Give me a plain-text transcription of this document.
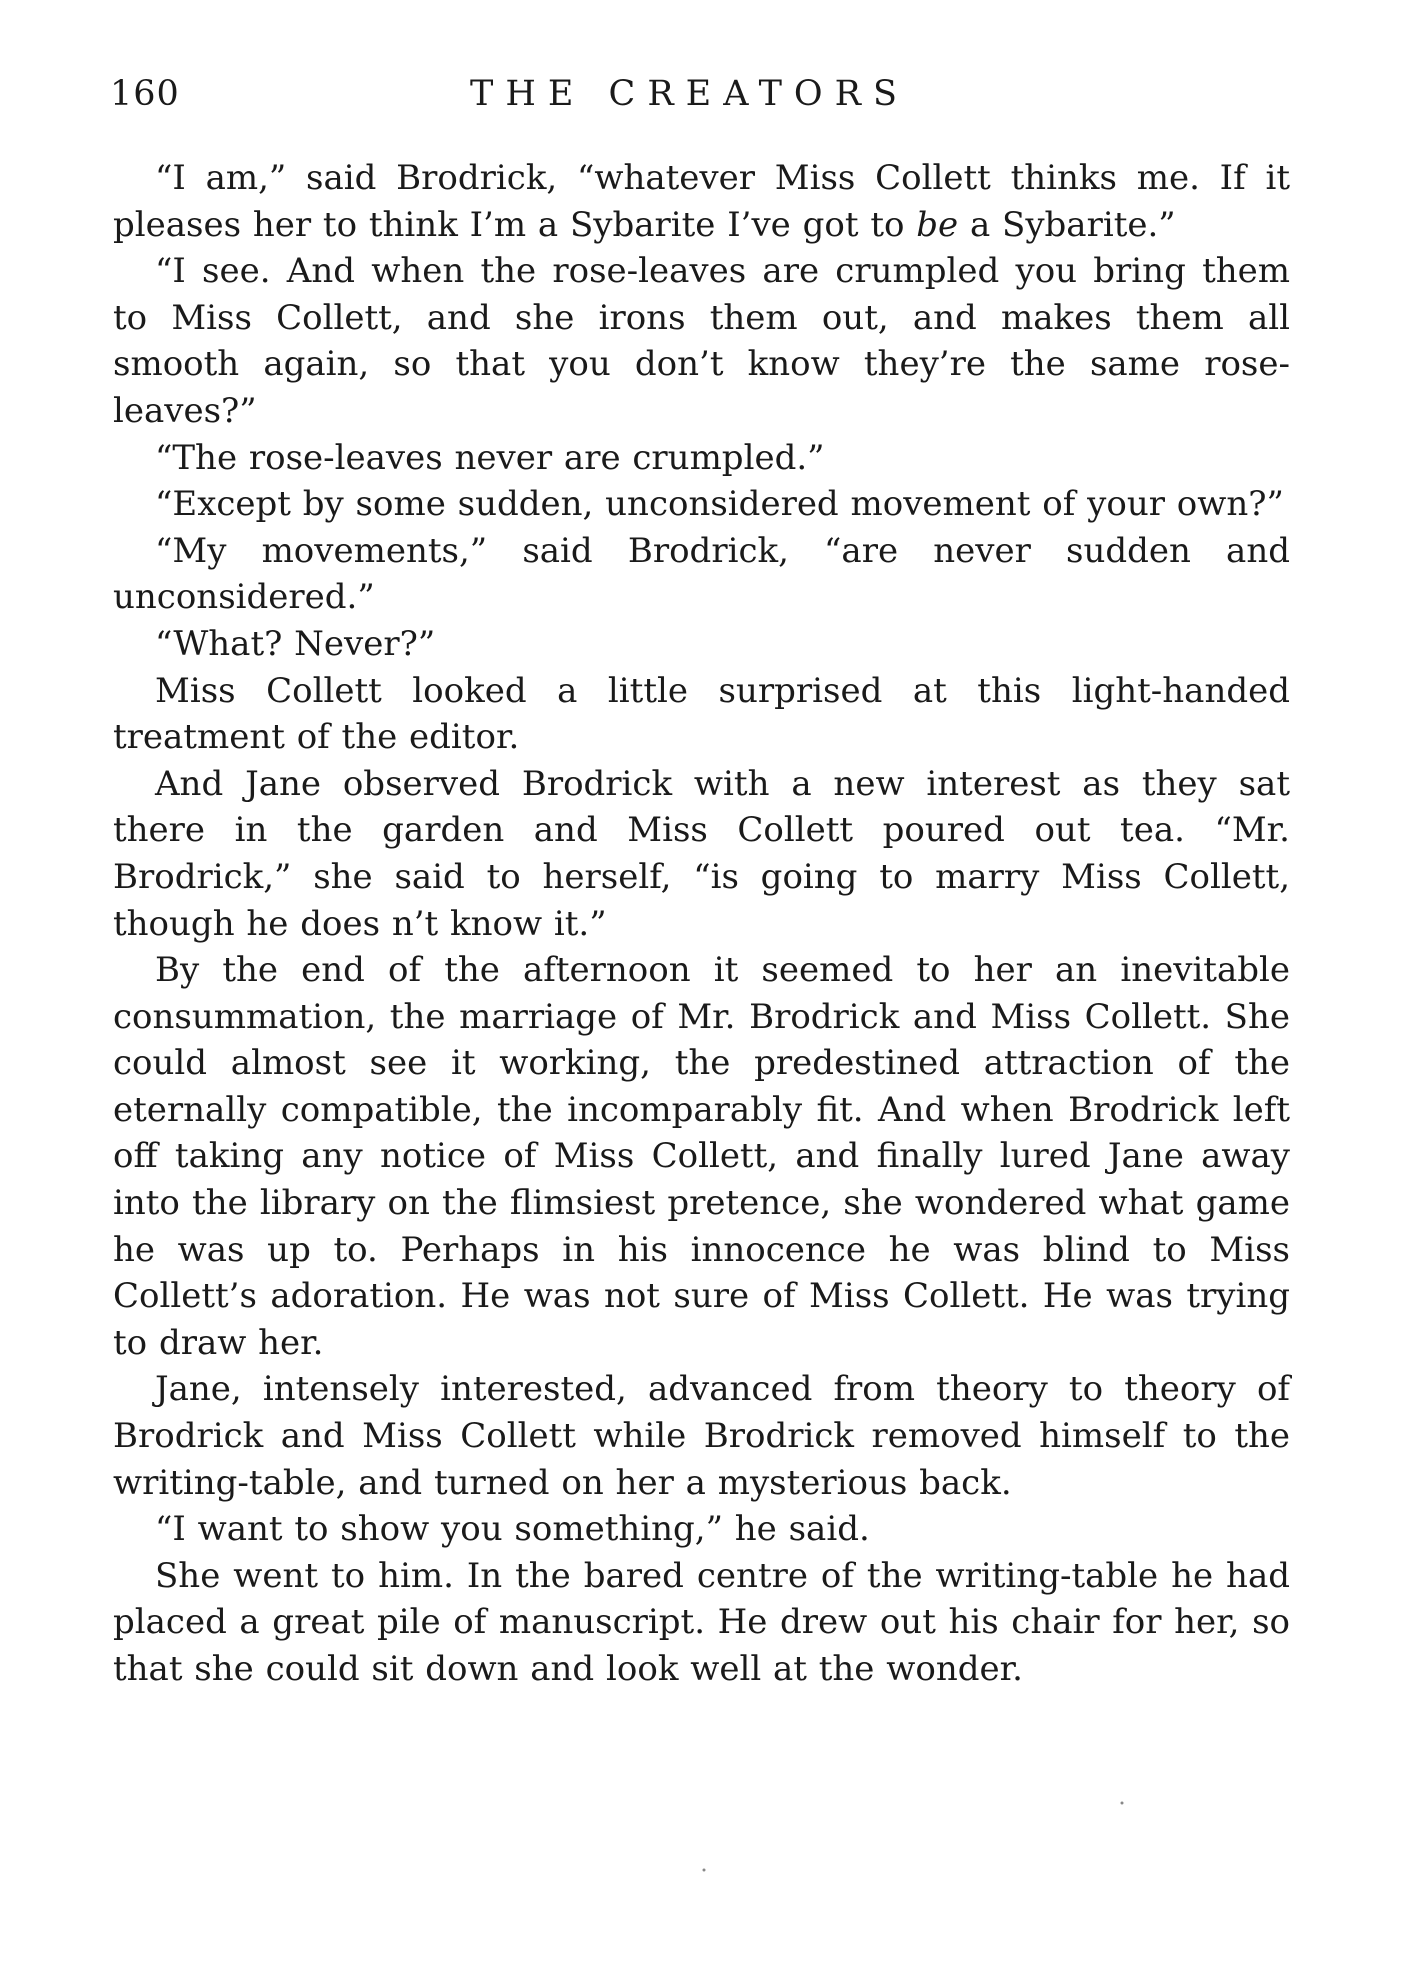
160	THE CREATORS

“I am,” said Brodrick, “whatever Miss Collett thinks me. If it pleases her to think I’m a Sybarite I’ve got to be a Sybarite.”

“I see. And when the rose-leaves are crumpled you bring them to Miss Collett, and she irons them out, and makes them all smooth again, so that you don’t know they’re the same rose-leaves?”

“The rose-leaves never are crumpled.”

“Except by some sudden, unconsidered movement of your own?”

“My movements,” said Brodrick, “are never sudden and unconsidered.”

“What? Never?”

Miss Collett looked a little surprised at this light-handed treatment of the editor.

And Jane observed Brodrick with a new interest as they sat there in the garden and Miss Collett poured out tea. “Mr. Brodrick,” she said to herself, “is going to marry Miss Collett, though he does n’t know it.”

By the end of the afternoon it seemed to her an inevitable consummation, the marriage of Mr. Brodrick and Miss Collett. She could almost see it working, the predestined attraction of the eternally compatible, the incomparably fit. And when Brodrick left off taking any notice of Miss Collett, and finally lured Jane away into the library on the flimsiest pretence, she wondered what game he was up to. Perhaps in his innocence he was blind to Miss Collett’s adoration. He was not sure of Miss Collett. He was trying to draw her.

Jane, intensely interested, advanced from theory to theory of Brodrick and Miss Collett while Brodrick removed himself to the writing-table, and turned on her a mysterious back.

“I want to show you something,” he said.

She went to him. In the bared centre of the writing-table he had placed a great pile of manuscript. He drew out his chair for her, so that she could sit down and look well at the wonder.
